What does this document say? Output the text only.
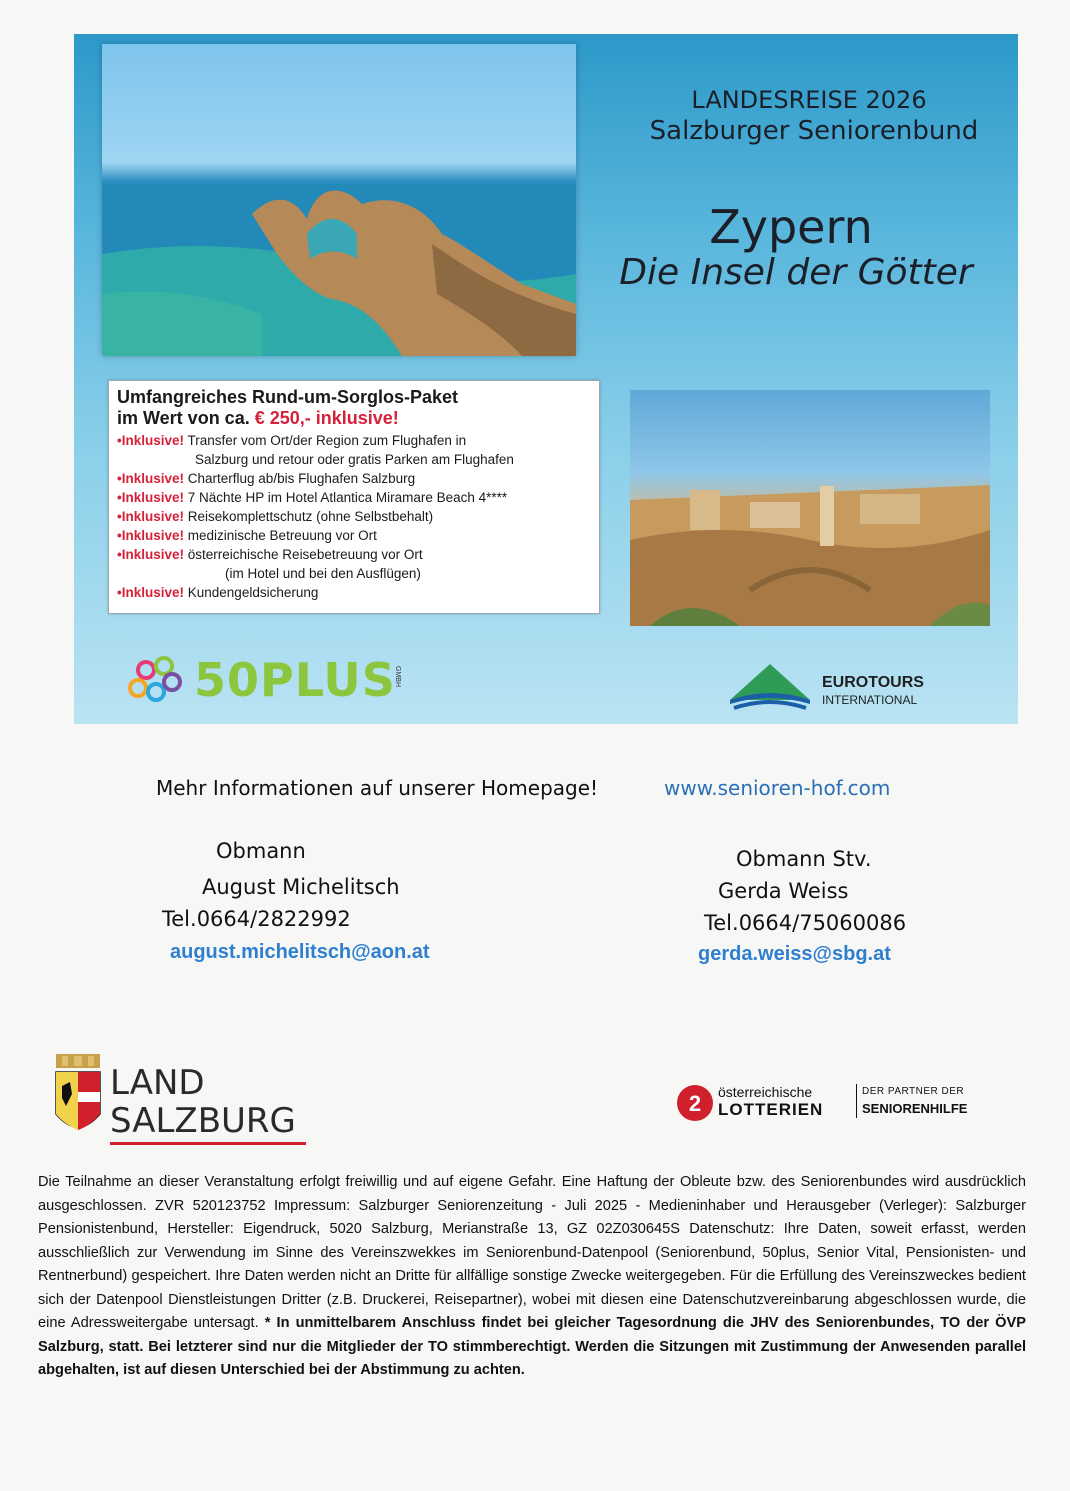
LANDESREISE 2026
Salzburger Seniorenbund
Zypern
Die Insel der Götter
Umfangreiches Rund-um-Sorglos-Paket
im Wert von ca. € 250,- inklusive!
•Inklusive! Transfer vom Ort/der Region zum Flughafen in
Salzburg und retour oder gratis Parken am Flughafen
•Inklusive! Charterflug ab/bis Flughafen Salzburg
•Inklusive! 7 Nächte HP im Hotel Atlantica Miramare Beach 4****
•Inklusive! Reisekomplettschutz (ohne Selbstbehalt)
•Inklusive! medizinische Betreuung vor Ort
•Inklusive! österreichische Reisebetreuung vor Ort
(im Hotel und bei den Ausflügen)
•Inklusive! Kundengeldsicherung
50PLUS
GMBH	EUROTOURS
INTERNATIONAL
Mehr Informationen auf unserer Homepage!	www.senioren-hof.com
Obmann
August Michelitsch
Tel.0664/2822992
august.michelitsch@aon.at
Obmann Stv.
Gerda Weiss
Tel.0664/75060086
gerda.weiss@sbg.at
LAND
SALZBURG	2 österreichische
LOTTERIEN
DER PARTNER DER
SENIORENHILFE
Die Teilnahme an dieser Veranstaltung erfolgt freiwillig und auf eigene Gefahr. Eine Haftung der Obleute bzw. des Seniorenbundes wird ausdrücklich ausgeschlossen. ZVR 520123752 Impressum: Salzburger Seniorenzeitung - Juli 2025 - Medieninhaber und Herausgeber (Verleger): Salzburger Pensionistenbund, Hersteller: Eigendruck, 5020 Salzburg, Merianstraße 13, GZ 02Z030645S Datenschutz: Ihre Daten, soweit erfasst, werden ausschließlich zur Verwendung im Sinne des Vereinszwekkes im Seniorenbund-Datenpool (Seniorenbund, 50plus, Senior Vital, Pensionisten- und Rentnerbund) gespeichert. Ihre Daten werden nicht an Dritte für allfällige sonstige Zwecke weitergegeben. Für die Erfüllung des Vereinszweckes bedient sich der Datenpool Dienstleistungen Dritter (z.B. Druckerei, Reisepartner), wobei mit diesen eine Datenschutzvereinbarung abgeschlossen wurde, die eine Adressweitergabe untersagt. * In unmittelbarem Anschluss findet bei gleicher Tagesordnung die JHV des Seniorenbundes, TO der ÖVP Salzburg, statt. Bei letzterer sind nur die Mitglieder der TO stimmberechtigt. Werden die Sitzungen mit Zustimmung der Anwesenden parallel abgehalten, ist auf diesen Unterschied bei der Abstimmung zu achten.
